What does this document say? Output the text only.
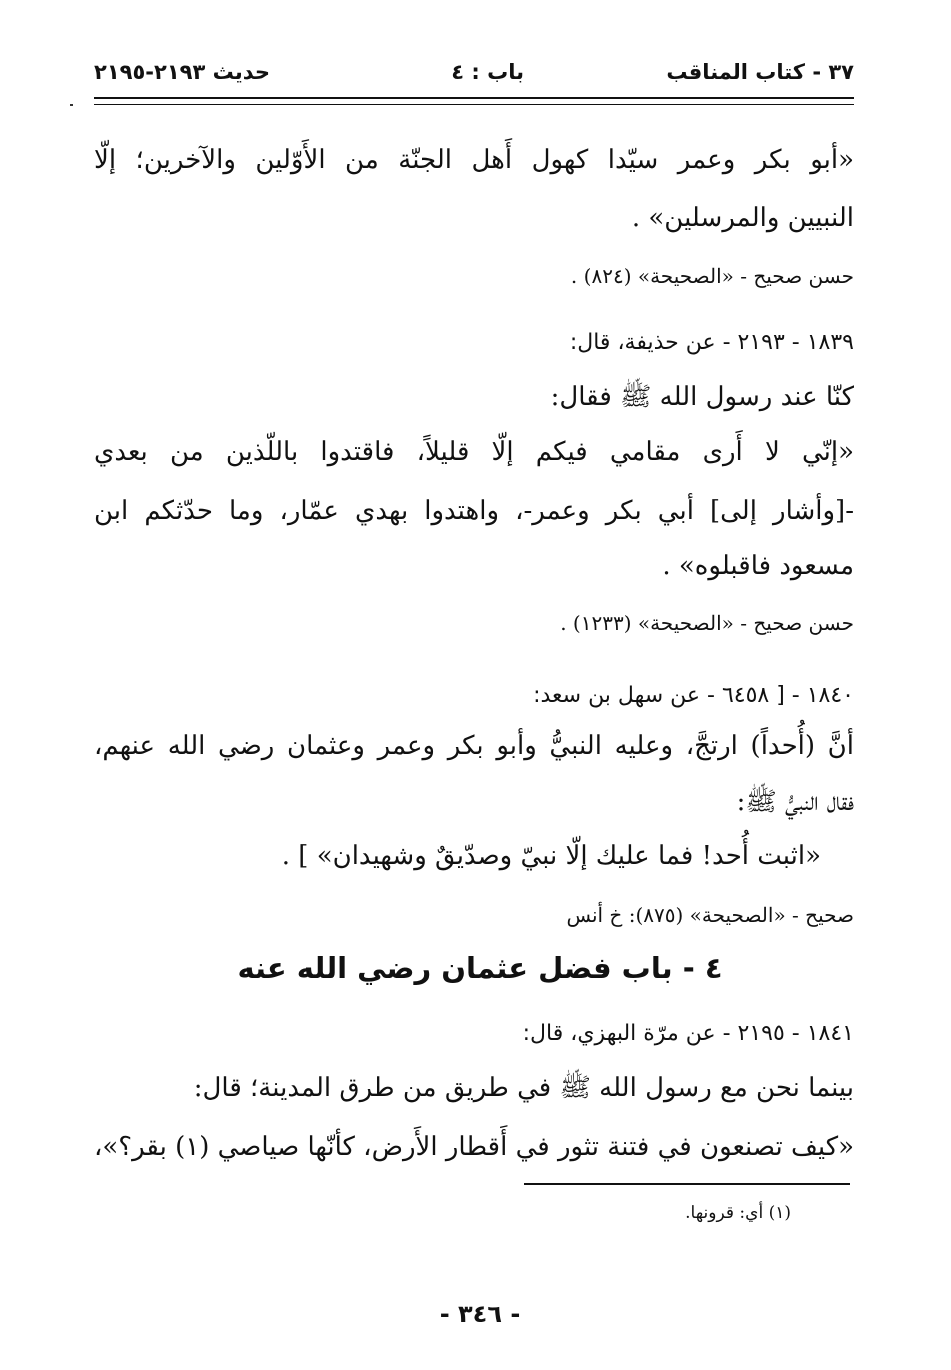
٣٧ - كتاب المناقب
باب : ٤
حديث ٢١٩٣-٢١٩٥
«أبو بكر وعمر سيّدا كهول أَهل الجنّة من الأَوّلين والآخرين؛ إلّا
النبيين والمرسلين» .
حسن صحيح - «الصحيحة» (٨٢٤) .
١٨٣٩ - ٢١٩٣ - عن حذيفة، قال:
كنّا عند رسول الله ﷺ فقال:
«إنّي لا أَرى مقامي فيكم إلّا قليلاً، فاقتدوا باللّذين من بعدي
-[وأشار إلى] أبي بكر وعمر-، واهتدوا بهدي عمّار، وما حدّثكم ابن
مسعود فاقبلوه» .
حسن صحيح - «الصحيحة» (١٢٣٣) .
١٨٤٠ - [ ٦٤٥٨ - عن سهل بن سعد:
أنَّ (أُحداً) ارتجَّ، وعليه النبيُّ وأبو بكر وعمر وعثمان رضي الله عنهم،
فقال النبيُّ ﷺ:
«اثبت أُحد! فما عليك إلّا نبيّ وصدّيقٌ وشهيدان» ] .
صحيح - «الصحيحة» (٨٧٥): خ أنس
٤ - باب فضل عثمان رضي الله عنه
١٨٤١ - ٢١٩٥ - عن مرّة البهزي، قال:
بينما نحن مع رسول الله ﷺ في طريق من طرق المدينة؛ قال:
«كيف تصنعون في فتنة تثور في أَقطار الأَرض، كأنّها صياصي (١) بقر؟»،
(١) أي: قرونها.
- ٣٤٦ -
